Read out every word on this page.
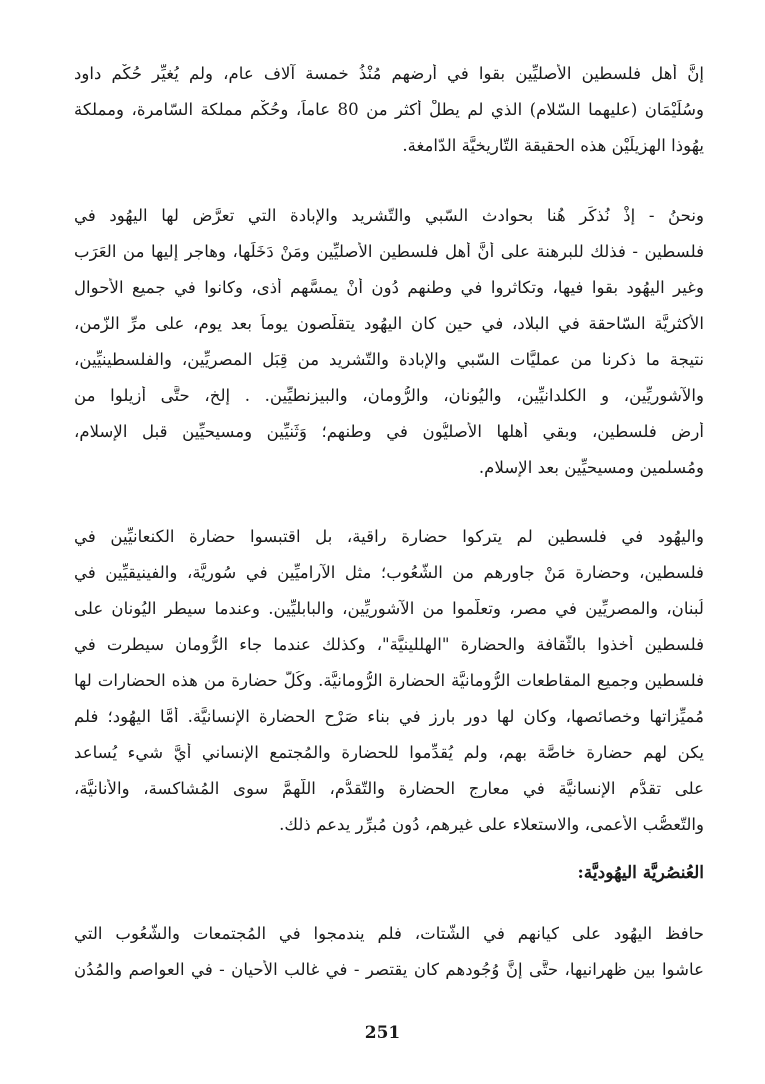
إنَّ أهل فلسطين الأصليِّين بقوا في أرضهم مُنْذُ خمسة آلاف عام، ولم يُغيِّر حُكْم داود

وسُلَيْمَان (عليهما السّلام) الذي لم يطلْ أكثر من 80 عاماً، وحُكْم مملكة السّامرة، ومملكة

يهُوذا الهزيلَيْن هذه الحقيقة التّاريخيَّة الدّامغة.

ونحنُ - إذْ نُذكِّر هُنا بحوادث السّبي والتّشريد والإبادة التي تعرَّض لها اليهُود في

فلسطين - فذلك للبرهنة على أنَّ أهل فلسطين الأصليِّين ومَنْ دَخَلَها، وهاجر إليها من العَرَب

وغير اليهُود بقوا فيها، وتكاثروا في وطنهم دُون أنْ يمسَّهم أذى، وكانوا في جميع الأحوال

الأكثريَّة السّاحقة في البلاد، في حين كان اليهُود يتقلّصون يوماً بعد يوم، على مرِّ الزّمن،

نتيجة ما ذكرنا من عمليَّات السّبي والإبادة والتّشريد من قِبَل المصريِّين، والفلسطينيِّين،

والآشوريِّين، و الكلدانيِّين، واليُونان، والرُّومان، والبيزنطيِّين. . إلخ، حتَّى أُزيلوا من

أرض فلسطين، وبقي أهلها الأصليُّون في وطنهم؛ وَثَنيِّين ومسيحيِّين قبل الإسلام،

ومُسلمين ومسيحيِّين بعد الإسلام.

واليهُود في فلسطين لم يتركوا حضارة راقية، بل اقتبسوا حضارة الكنعانيِّين في

فلسطين، وحضارة مَنْ جاورهم من الشُّعُوب؛ مثل الآراميِّين في سُوريَّة، والفينيقيِّين في

لُبنان، والمصريِّين في مصر، وتعلَّموا من الآشوريِّين، والبابليِّين. وعندما سيطر اليُونان على

فلسطين أخذوا بالثّقافة والحضارة "الهللينيَّة"، وكذلك عندما جاء الرُّومان سيطرت في

فلسطين وجميع المقاطعات الرُّومانيَّة الحضارة الرُّومانيَّة. وكُلُّ حضارة من هذه الحضارات لها

مُميِّزاتها وخصائصها، وكان لها دور بارز في بناء صَرْح الحضارة الإنسانيَّة. أمَّا اليهُود؛ فلم

يكن لهم حضارة خاصَّة بهم، ولم يُقدِّموا للحضارة والمُجتمع الإنساني أيَّ شيء يُساعد

على تقدُّم الإنسانيَّة في معارج الحضارة والتّقدُّم، اللّهمَّ سوى المُشاكسة، والأنانيَّة،

والتّعصُّب الأعمى، والاستعلاء على غيرهم، دُون مُبرِّر يدعم ذلك.

العُنصُريَّة اليهُوديَّة:

حافظ اليهُود على كيانهم في الشّتات، فلم يندمجوا في المُجتمعات والشُّعُوب التي

عاشوا بين ظهرانيها، حتَّى إنَّ وُجُودهم كان يقتصر - في غالب الأحيان - في العواصم والمُدُن

251
